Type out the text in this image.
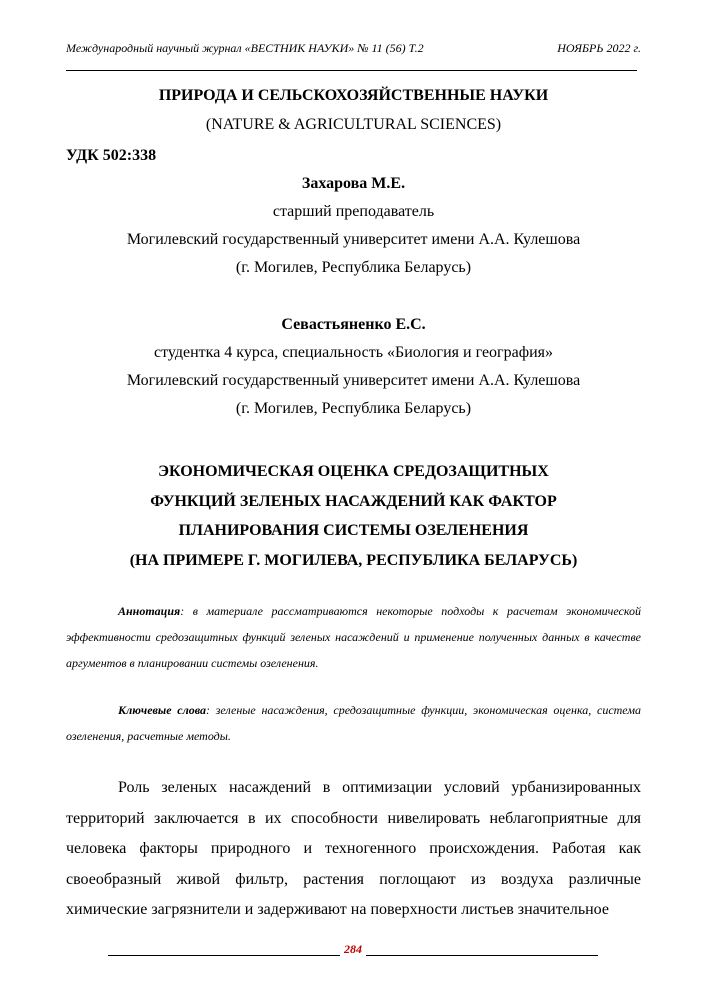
Международный научный журнал «ВЕСТНИК НАУКИ» № 11 (56) Т.2	НОЯБРЬ 2022 г.
ПРИРОДА И СЕЛЬСКОХОЗЯЙСТВЕННЫЕ НАУКИ
(NATURE & AGRICULTURAL SCIENCES)
УДК 502:338
Захарова М.Е.
старший преподаватель
Могилевский государственный университет имени А.А. Кулешова
(г. Могилев, Республика Беларусь)
Севастьяненко Е.С.
студентка 4 курса, специальность «Биология и география»
Могилевский государственный университет имени А.А. Кулешова
(г. Могилев, Республика Беларусь)
ЭКОНОМИЧЕСКАЯ ОЦЕНКА СРЕДОЗАЩИТНЫХ
ФУНКЦИЙ ЗЕЛЕНЫХ НАСАЖДЕНИЙ КАК ФАКТОР
ПЛАНИРОВАНИЯ СИСТЕМЫ ОЗЕЛЕНЕНИЯ
(НА ПРИМЕРЕ Г. МОГИЛЕВА, РЕСПУБЛИКА БЕЛАРУСЬ)
Аннотация: в материале рассматриваются некоторые подходы к расчетам экономической эффективности средозащитных функций зеленых насаждений и применение полученных данных в качестве аргументов в планировании системы озеленения.
Ключевые слова: зеленые насаждения, средозащитные функции, экономическая оценка, система озеленения, расчетные методы.
Роль зеленых насаждений в оптимизации условий урбанизированных территорий заключается в их способности нивелировать неблагоприятные для человека факторы природного и техногенного происхождения. Работая как своеобразный живой фильтр, растения поглощают из воздуха различные химические загрязнители и задерживают на поверхности листьев значительное
284
